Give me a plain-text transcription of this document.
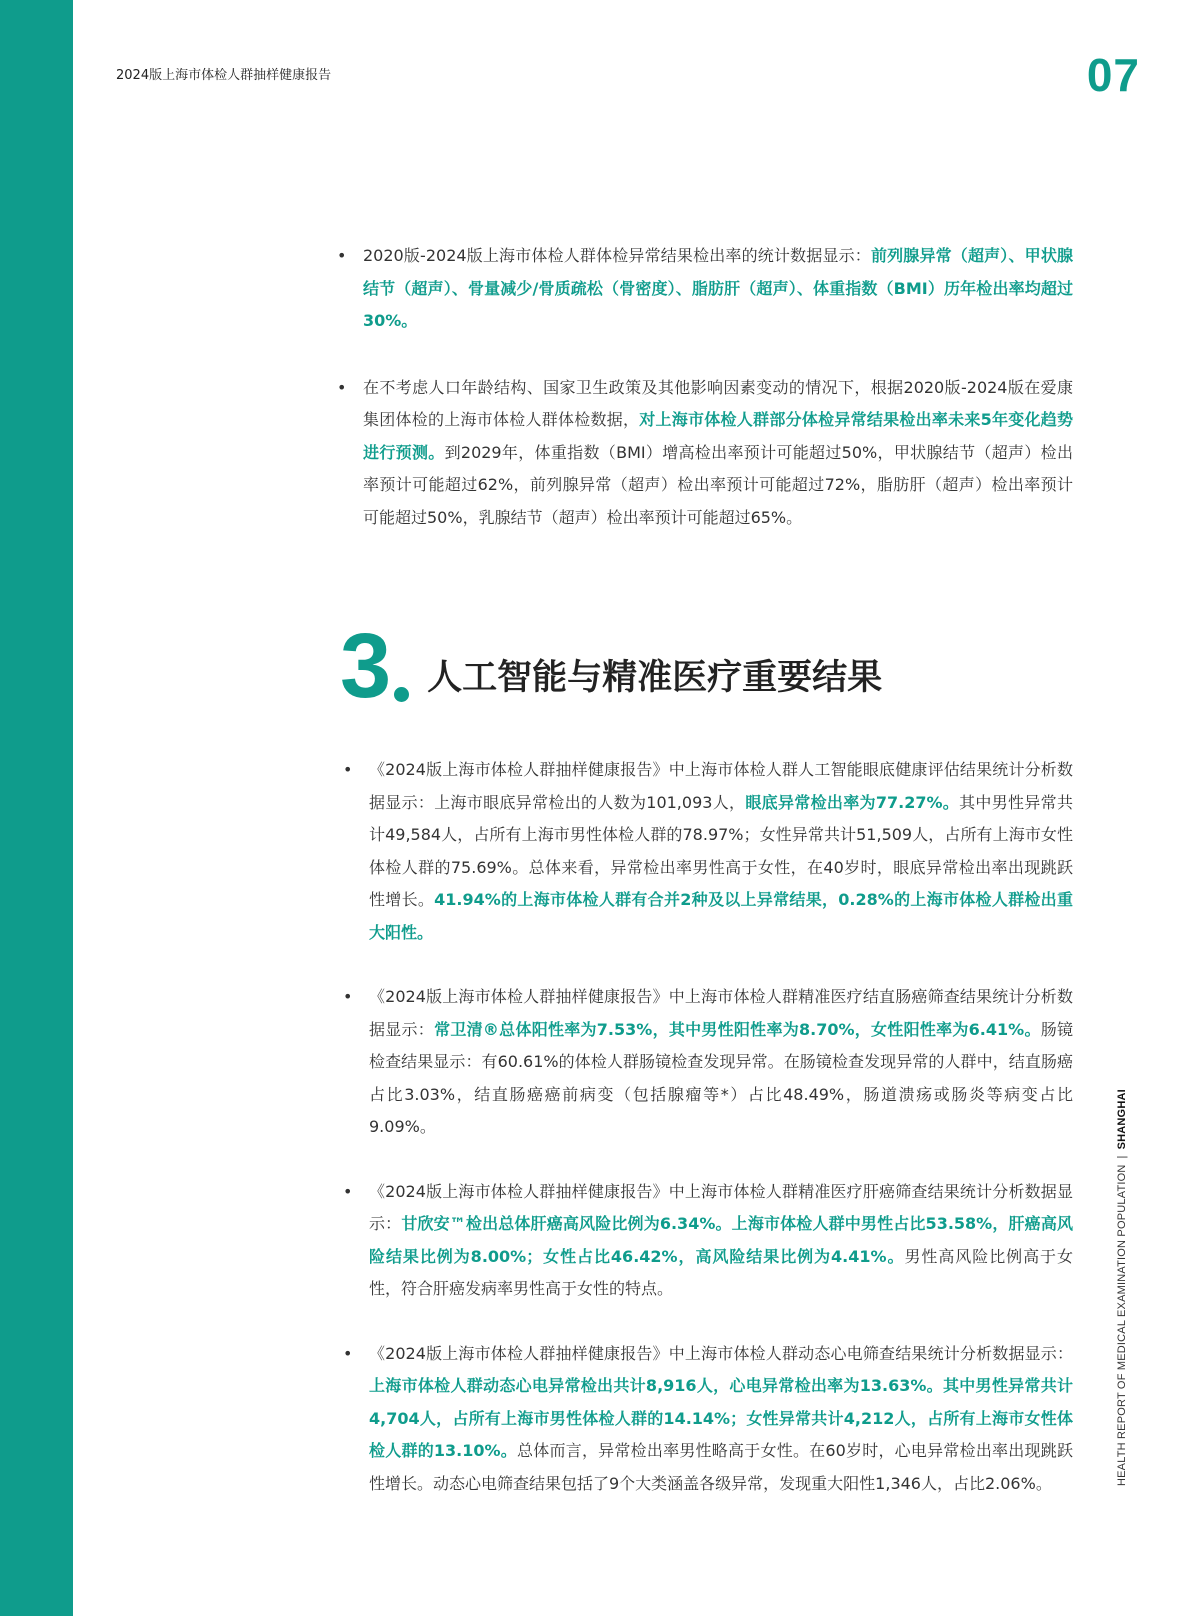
2024版上海市体检人群抽样健康报告	07
• 2020版-2024版上海市体检人群体检异常结果检出率的统计数据显示：前列腺异常（超声）、甲状腺结节（超声）、骨量减少/骨质疏松（骨密度）、脂肪肝（超声）、体重指数（BMI）历年检出率均超过30%。
• 在不考虑人口年龄结构、国家卫生政策及其他影响因素变动的情况下，根据2020版-2024版在爱康集团体检的上海市体检人群体检数据，对上海市体检人群部分体检异常结果检出率未来5年变化趋势进行预测。到2029年，体重指数（BMI）增高检出率预计可能超过50%，甲状腺结节（超声）检出率预计可能超过62%，前列腺异常（超声）检出率预计可能超过72%，脂肪肝（超声）检出率预计可能超过50%，乳腺结节（超声）检出率预计可能超过65%。
3 人工智能与精准医疗重要结果
• 《2024版上海市体检人群抽样健康报告》中上海市体检人群人工智能眼底健康评估结果统计分析数据显示：上海市眼底异常检出的人数为101,093人，眼底异常检出率为77.27%。其中男性异常共计49,584人，占所有上海市男性体检人群的78.97%；女性异常共计51,509人，占所有上海市女性体检人群的75.69%。总体来看，异常检出率男性高于女性，在40岁时，眼底异常检出率出现跳跃性增长。41.94%的上海市体检人群有合并2种及以上异常结果，0.28%的上海市体检人群检出重大阳性。
• 《2024版上海市体检人群抽样健康报告》中上海市体检人群精准医疗结直肠癌筛查结果统计分析数据显示：常卫清®总体阳性率为7.53%，其中男性阳性率为8.70%，女性阳性率为6.41%。肠镜检查结果显示：有60.61%的体检人群肠镜检查发现异常。在肠镜检查发现异常的人群中，结直肠癌占比3.03%，结直肠癌癌前病变（包括腺瘤等*）占比48.49%，肠道溃疡或肠炎等病变占比9.09%。
• 《2024版上海市体检人群抽样健康报告》中上海市体检人群精准医疗肝癌筛查结果统计分析数据显示：甘欣安™检出总体肝癌高风险比例为6.34%。上海市体检人群中男性占比53.58%，肝癌高风险结果比例为8.00%；女性占比46.42%，高风险结果比例为4.41%。男性高风险比例高于女性，符合肝癌发病率男性高于女性的特点。
• 《2024版上海市体检人群抽样健康报告》中上海市体检人群动态心电筛查结果统计分析数据显示：上海市体检人群动态心电异常检出共计8,916人，心电异常检出率为13.63%。其中男性异常共计4,704人，占所有上海市男性体检人群的14.14%；女性异常共计4,212人，占所有上海市女性体检人群的13.10%。总体而言，异常检出率男性略高于女性。在60岁时，心电异常检出率出现跳跃性增长。动态心电筛查结果包括了9个大类涵盖各级异常，发现重大阳性1,346人，占比2.06%。	HEALTH REPORT OF MEDICAL EXAMINATION POPULATION|SHANGHAI
